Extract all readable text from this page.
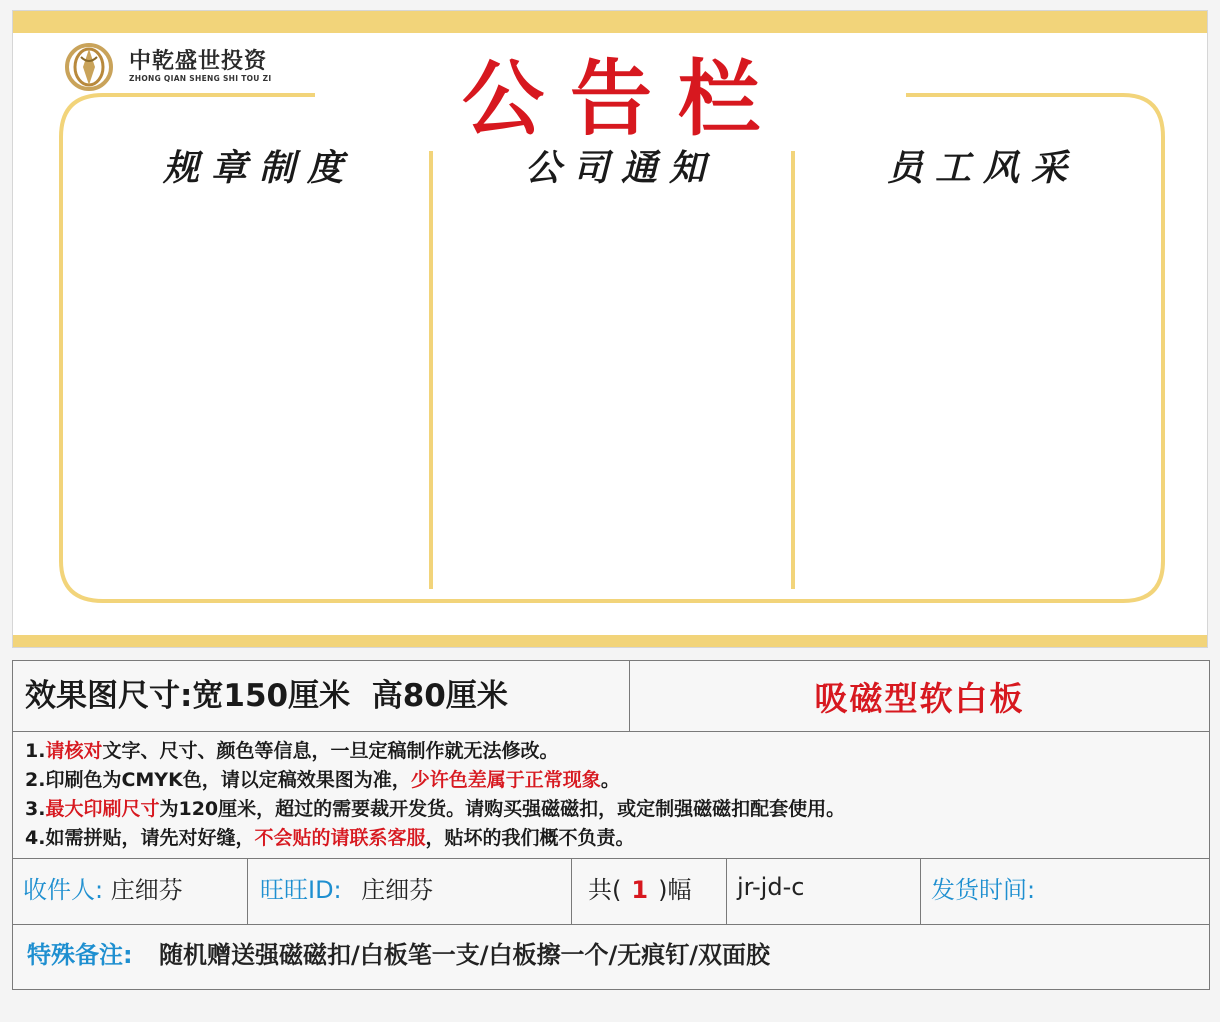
中乾盛世投资
ZHONG QIAN SHENG SHI TOU ZI	公告栏
规章制度	公司通知	员工风采
效果图尺寸:宽150厘米  高80厘米	吸磁型软白板
1.请核对文字、尺寸、颜色等信息，一旦定稿制作就无法修改。
2.印刷色为CMYK色，请以定稿效果图为准，少许色差属于正常现象。
3.最大印刷尺寸为120厘米，超过的需要裁开发货。请购买强磁磁扣，或定制强磁磁扣配套使用。
4.如需拼贴，请先对好缝，不会贴的请联系客服，贴坏的我们概不负责。
收件人: 庄细芬	旺旺ID: 庄细芬	共( 1 )幅	jr-jd-c	发货时间:
特殊备注: 随机赠送强磁磁扣/白板笔一支/白板擦一个/无痕钉/双面胶
